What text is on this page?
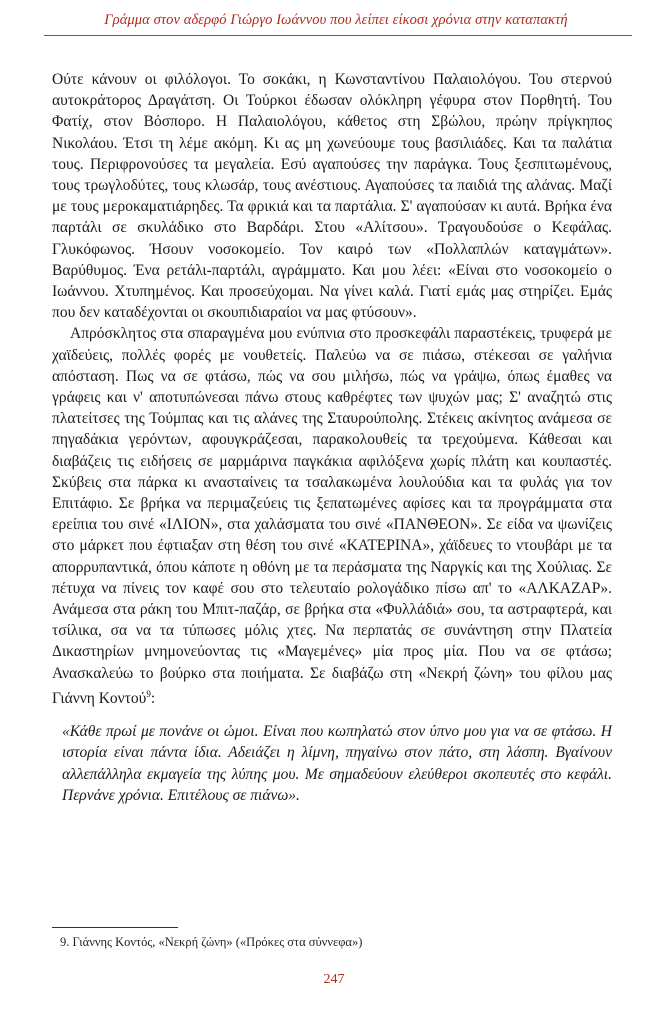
Γράμμα στον αδερφό Γιώργο Ιωάννου που λείπει είκοσι χρόνια στην καταπακτή

Ούτε κάνουν οι φιλόλογοι. Το σοκάκι, η Κωνσταντίνου Παλαιολόγου. Του στερνού αυτοκράτορος Δραγάτση. Οι Τούρκοι έδωσαν ολόκληρη γέφυρα στον Πορθητή. Του Φατίχ, στον Βόσπορο. Η Παλαιολόγου, κάθετος στη Σβώλου, πρώην πρίγκηπος Νικολάου. Έτσι τη λέμε ακόμη. Κι ας μη χωνεύουμε τους βασιλιάδες. Και τα παλάτια τους. Περιφρονούσες τα μεγαλεία. Εσύ αγαπούσες την παράγκα. Τους ξεσπιτωμένους, τους τρωγλοδύτες, τους κλωσάρ, τους ανέστιους. Αγαπούσες τα παιδιά της αλάνας. Μαζί με τους μεροκαματιάρηδες. Τα φρικιά και τα παρτάλια. Σ' αγαπούσαν κι αυτά. Βρήκα ένα παρτάλι σε σκυλάδικο στο Βαρδάρι. Στου «Αλίτσου». Τραγουδούσε ο Κεφάλας. Γλυκόφωνος. Ήσουν νοσοκομείο. Τον καιρό των «Πολλαπλών καταγμάτων». Βαρύθυμος. Ένα ρετάλι-παρτάλι, αγράμματο. Και μου λέει: «Είναι στο νοσοκομείο ο Ιωάννου. Χτυπημένος. Και προσεύχομαι. Να γίνει καλά. Γιατί εμάς μας στηρίζει. Εμάς που δεν καταδέχονται οι σκουπιδιαραίοι να μας φτύσουν».

Απρόσκλητος στα σπαραγμένα μου ενύπνια στο προσκεφάλι παραστέκεις, τρυφερά με χαϊδεύεις, πολλές φορές με νουθετείς. Παλεύω να σε πιάσω, στέκεσαι σε γαλήνια απόσταση. Πως να σε φτάσω, πώς να σου μιλήσω, πώς να γράψω, όπως έμαθες να γράφεις και ν' αποτυπώνεσαι πάνω στους καθρέφτες των ψυχών μας; Σ' αναζητώ στις πλατείτσες της Τούμπας και τις αλάνες της Σταυρούπολης. Στέκεις ακίνητος ανάμεσα σε πηγαδάκια γερόντων, αφουγκράζεσαι, παρακολουθείς τα τρεχούμενα. Κάθεσαι και διαβάζεις τις ειδήσεις σε μαρμάρινα παγκάκια αφιλόξενα χωρίς πλάτη και κουπαστές. Σκύβεις στα πάρκα κι ανασταίνεις τα τσαλακωμένα λουλούδια και τα φυλάς για τον Επιτάφιο. Σε βρήκα να περιμαζεύεις τις ξεπατωμένες αφίσες και τα προγράμματα στα ερείπια του σινέ «ΙΛΙΟΝ», στα χαλάσματα του σινέ «ΠΑΝΘΕΟΝ». Σε είδα να ψωνίζεις στο μάρκετ που έφτιαξαν στη θέση του σινέ «ΚΑΤΕΡΙΝΑ», χάϊδευες το ντουβάρι με τα απορρυπαντικά, όπου κάποτε η οθόνη με τα περάσματα της Ναργκίς και της Χούλιας. Σε πέτυχα να πίνεις τον καφέ σου στο τελευταίο ρολογάδικο πίσω απ' το «ΑΛΚΑΖΑΡ». Ανάμεσα στα ράκη του Μπιτ-παζάρ, σε βρήκα στα «Φυλλάδιά» σου, τα αστραφτερά, και τσίλικα, σα να τα τύπωσες μόλις χτες. Να περπατάς σε συνάντηση στην Πλατεία Δικαστηρίων μνημονεύοντας τις «Μαγεμένες» μία προς μία. Που να σε φτάσω; Ανασκαλεύω το βούρκο στα ποιήματα. Σε διαβάζω στη «Νεκρή ζώνη» του φίλου μας Γιάννη Κοντού$^9$:

«Κάθε πρωί με πονάνε οι ώμοι. Είναι που κωπηλατώ στον ύπνο μου για να σε φτάσω. Η ιστορία είναι πάντα ίδια. Αδειάζει η λίμνη, πηγαίνω στον πάτο, στη λάσπη. Βγαίνουν αλλεπάλληλα εκμαγεία της λύπης μου. Με σημαδεύουν ελεύθεροι σκοπευτές στο κεφάλι. Περνάνε χρόνια. Επιτέλους σε πιάνω».

9. Γιάννης Κοντός, «Νεκρή ζώνη» («Πρόκες στα σύννεφα»)
247
